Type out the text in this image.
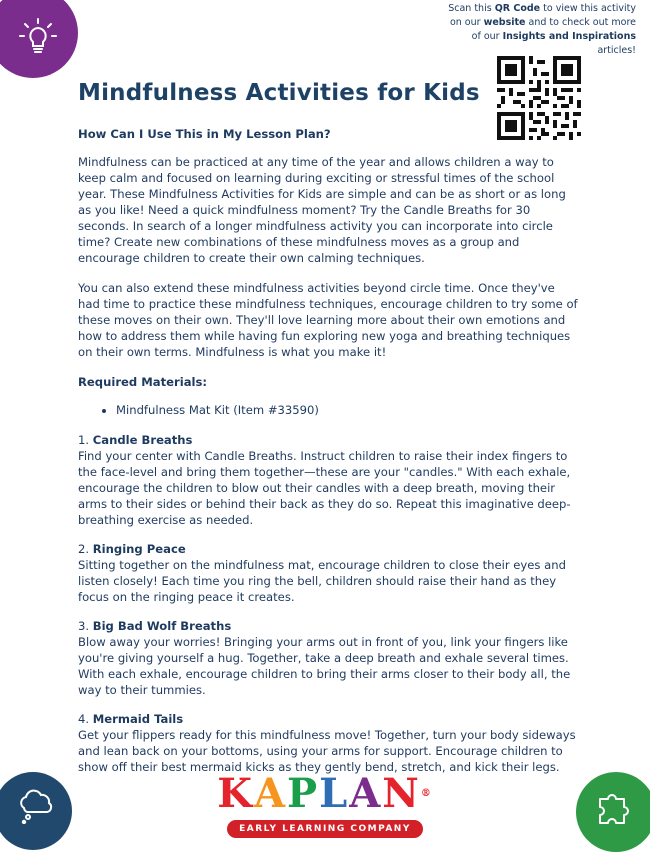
Scan this QR Code to view this activity on our website and to check out more of our Insights and Inspirations articles!
Mindfulness Activities for Kids
How Can I Use This in My Lesson Plan?

Mindfulness can be practiced at any time of the year and allows children a way to keep calm and focused on learning during exciting or stressful times of the school year. These Mindfulness Activities for Kids are simple and can be as short or as long as you like! Need a quick mindfulness moment? Try the Candle Breaths for 30 seconds. In search of a longer mindfulness activity you can incorporate into circle time? Create new combinations of these mindfulness moves as a group and encourage children to create their own calming techniques.

You can also extend these mindfulness activities beyond circle time. Once they've had time to practice these mindfulness techniques, encourage children to try some of these moves on their own. They'll love learning more about their own emotions and how to address them while having fun exploring new yoga and breathing techniques on their own terms. Mindfulness is what you make it!

Required Materials:
• Mindfulness Mat Kit (Item #33590)
1. Candle Breaths
Find your center with Candle Breaths. Instruct children to raise their index fingers to the face-level and bring them together—these are your "candles." With each exhale, encourage the children to blow out their candles with a deep breath, moving their arms to their sides or behind their back as they do so. Repeat this imaginative deep-breathing exercise as needed.
2. Ringing Peace
Sitting together on the mindfulness mat, encourage children to close their eyes and listen closely! Each time you ring the bell, children should raise their hand as they focus on the ringing peace it creates.
3. Big Bad Wolf Breaths
Blow away your worries! Bringing your arms out in front of you, link your fingers like you're giving yourself a hug. Together, take a deep breath and exhale several times. With each exhale, encourage children to bring their arms closer to their body all, the way to their tummies.
4. Mermaid Tails
Get your flippers ready for this mindfulness move! Together, turn your body sideways and lean back on your bottoms, using your arms for support. Encourage children to show off their best mermaid kicks as they gently bend, stretch, and kick their legs.
KAPLAN®
EARLY LEARNING COMPANY
